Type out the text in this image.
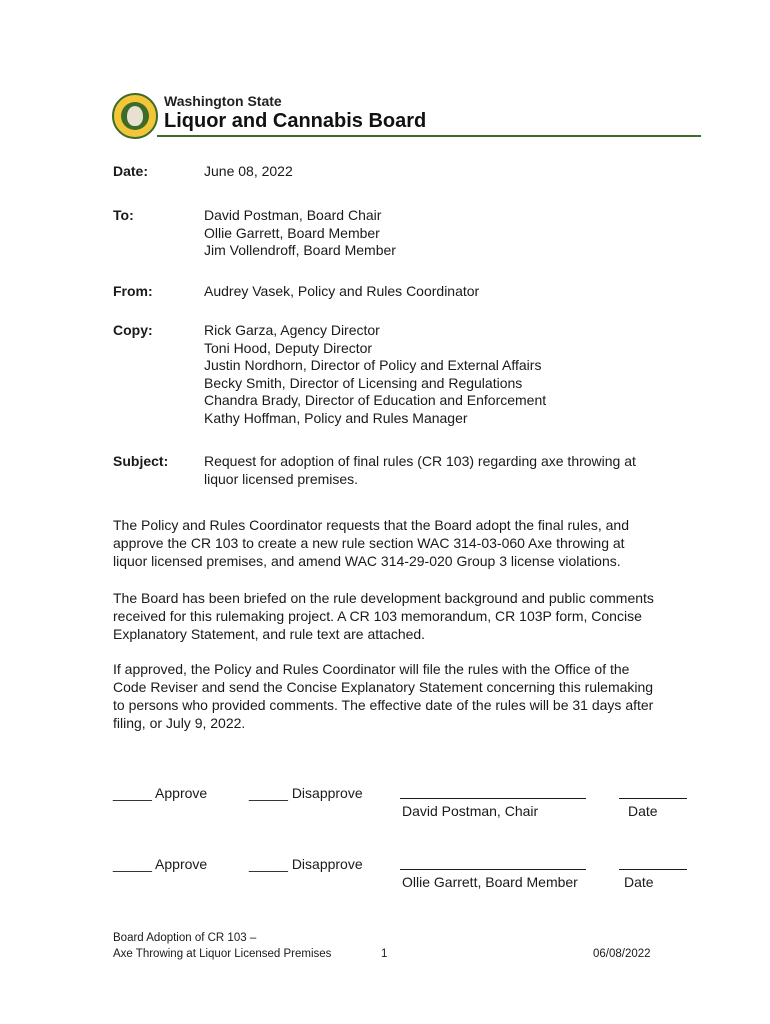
Washington State
Liquor and Cannabis Board
Date:	June 08, 2022
To:	David Postman, Board Chair
Ollie Garrett, Board Member
Jim Vollendroff, Board Member
From:	Audrey Vasek, Policy and Rules Coordinator
Copy:	Rick Garza, Agency Director
Toni Hood, Deputy Director
Justin Nordhorn, Director of Policy and External Affairs
Becky Smith, Director of Licensing and Regulations
Chandra Brady, Director of Education and Enforcement
Kathy Hoffman, Policy and Rules Manager
Subject:	Request for adoption of final rules (CR 103) regarding axe throwing at
liquor licensed premises.
The Policy and Rules Coordinator requests that the Board adopt the final rules, and
approve the CR 103 to create a new rule section WAC 314-03-060 Axe throwing at
liquor licensed premises, and amend WAC 314-29-020 Group 3 license violations.
The Board has been briefed on the rule development background and public comments
received for this rulemaking project. A CR 103 memorandum, CR 103P form, Concise
Explanatory Statement, and rule text are attached.
If approved, the Policy and Rules Coordinator will file the rules with the Office of the
Code Reviser and send the Concise Explanatory Statement concerning this rulemaking
to persons who provided comments. The effective date of the rules will be 31 days after
filing, or July 9, 2022.
_____ Approve	_____ Disapprove
David Postman, Chair	Date
_____ Approve	_____ Disapprove
Ollie Garrett, Board Member	Date
Board Adoption of CR 103 –
Axe Throwing at Liquor Licensed Premises	1	06/08/2022
